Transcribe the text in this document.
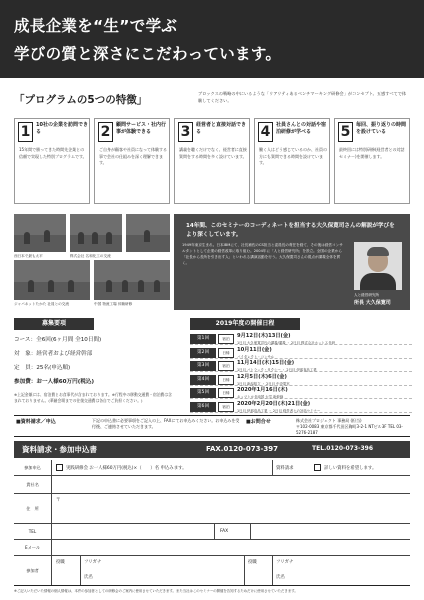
成長企業を“生”で学ぶ
学びの質と深さにこだわっています。
「プログラムの5つの特徴」
ブロックスの戦略の中にいるような「リアリティあるベンチマーキング研修会」がコンセプト。五感すべてで体験してください。
1	10社の企業を訪問できる
15年間で勝ってきた時間先企業との信頼で実現した特別プログラムです。
2	顧問サービス・社内行事が体験できる
ご自身が顧客や社員になって体験する事で会社の仕組みを深く理解できます。
3	経営者と直接対話できる
講義を聴くだけでなく、経営者に直接質問をする時間を多く設けています。
4	社員さんとの対話や宿泊研修が学べる
働く人はどう感じているのか、社員の方にも質問できる時間を設けています。
5	毎回、振り返りの時間を設けている
最終回には特別研修(経営者との対話セミナー)を開催します。
西日本で最も太平	株式会社 名和化工の交流
ジャパネットたかた 社員との交流	中国 物流工場 体験研修
14年間、このセミナーのコーディネートを担当する大久保寛司さんの解説が学びをより深くしています。
1949年東京生まれ。日本IBMにて、社長補佐のCS担当と委員長の責任を経て、その後は経営コンサルタントとして企業の経営改革に取り組む。2004年に「人と経営研究所」を設立。全国の企業から「社長から長所を引き出す人」といわれる講演活動を行う。大久保寛司さんの視点が講義全体を貫く。
人と経営研究所
所長 大久保寛司
募集要項
コース：全6回(6ヶ月間 全10日間)
対　象：経営者および経営幹部
定　員：25名(申込順)
参加費：お一人様60万円(税込)
※上記金額には、宿泊費とお食事代が含まれております。※行程中の移動交通費・宿泊費は含まれておりません。(華厳会場までの往復交通費は各自でご負担ください。)
2019年度の開催日程
第1回	宿泊	9月12日(木)13日(金)
1日目 大久保寛司氏の講義/講義 ・ 2日目 株式会社ホットスタ研
第2回	日帰	10月11日(金)
バイタレクト・コンサル
第3回	宿泊	11月14日(木)15日(金)
1日目 バトラック・タクシー ・ 2日目 伊那食品工業
第4回	日帰	12月5日(木)6日(金)
1日目 新潟県立 ・ 2日目 中央果実
■資料請求／申込	下記の申込書に必要事項をご記入の上、FAXにてお申込みください。お申込みを受付後、ご連絡させていただきます。
■お問合せ	株式会社プロジェクト 事務局 (担当)
〒102-0083 東京都千代田区麹町3-2-1 NTビル3F TEL 03-5276-2187
資料請求・参加申込書	FAX.0120-073-397	TEL.0120-073-396
参加申込	実践研修会 お一人様60万円(税込)×（　　）名 申込みます。	資料請求	詳しい資料を希望します。
貴社名
住　所
〒
TEL	FAX
Eメール
参加者
役職	フリガナ
氏名
役職	フリガナ
氏名
※ご記入いただいた情報の個人情報は、本件の参加者としての研修会のご案内に使用させていただきます。また当社はこのセミナーの開催を告知するためだけに使用させていただきます。
第5回	日帰	2020年1月16日(木)
ネッツトヨタ南国 大学 新幹線
第6回	宿泊	2020年2月20日(木)21日(金)
1日目 伊那食品工業 ・ 2日目 経営者との対話セミナー
